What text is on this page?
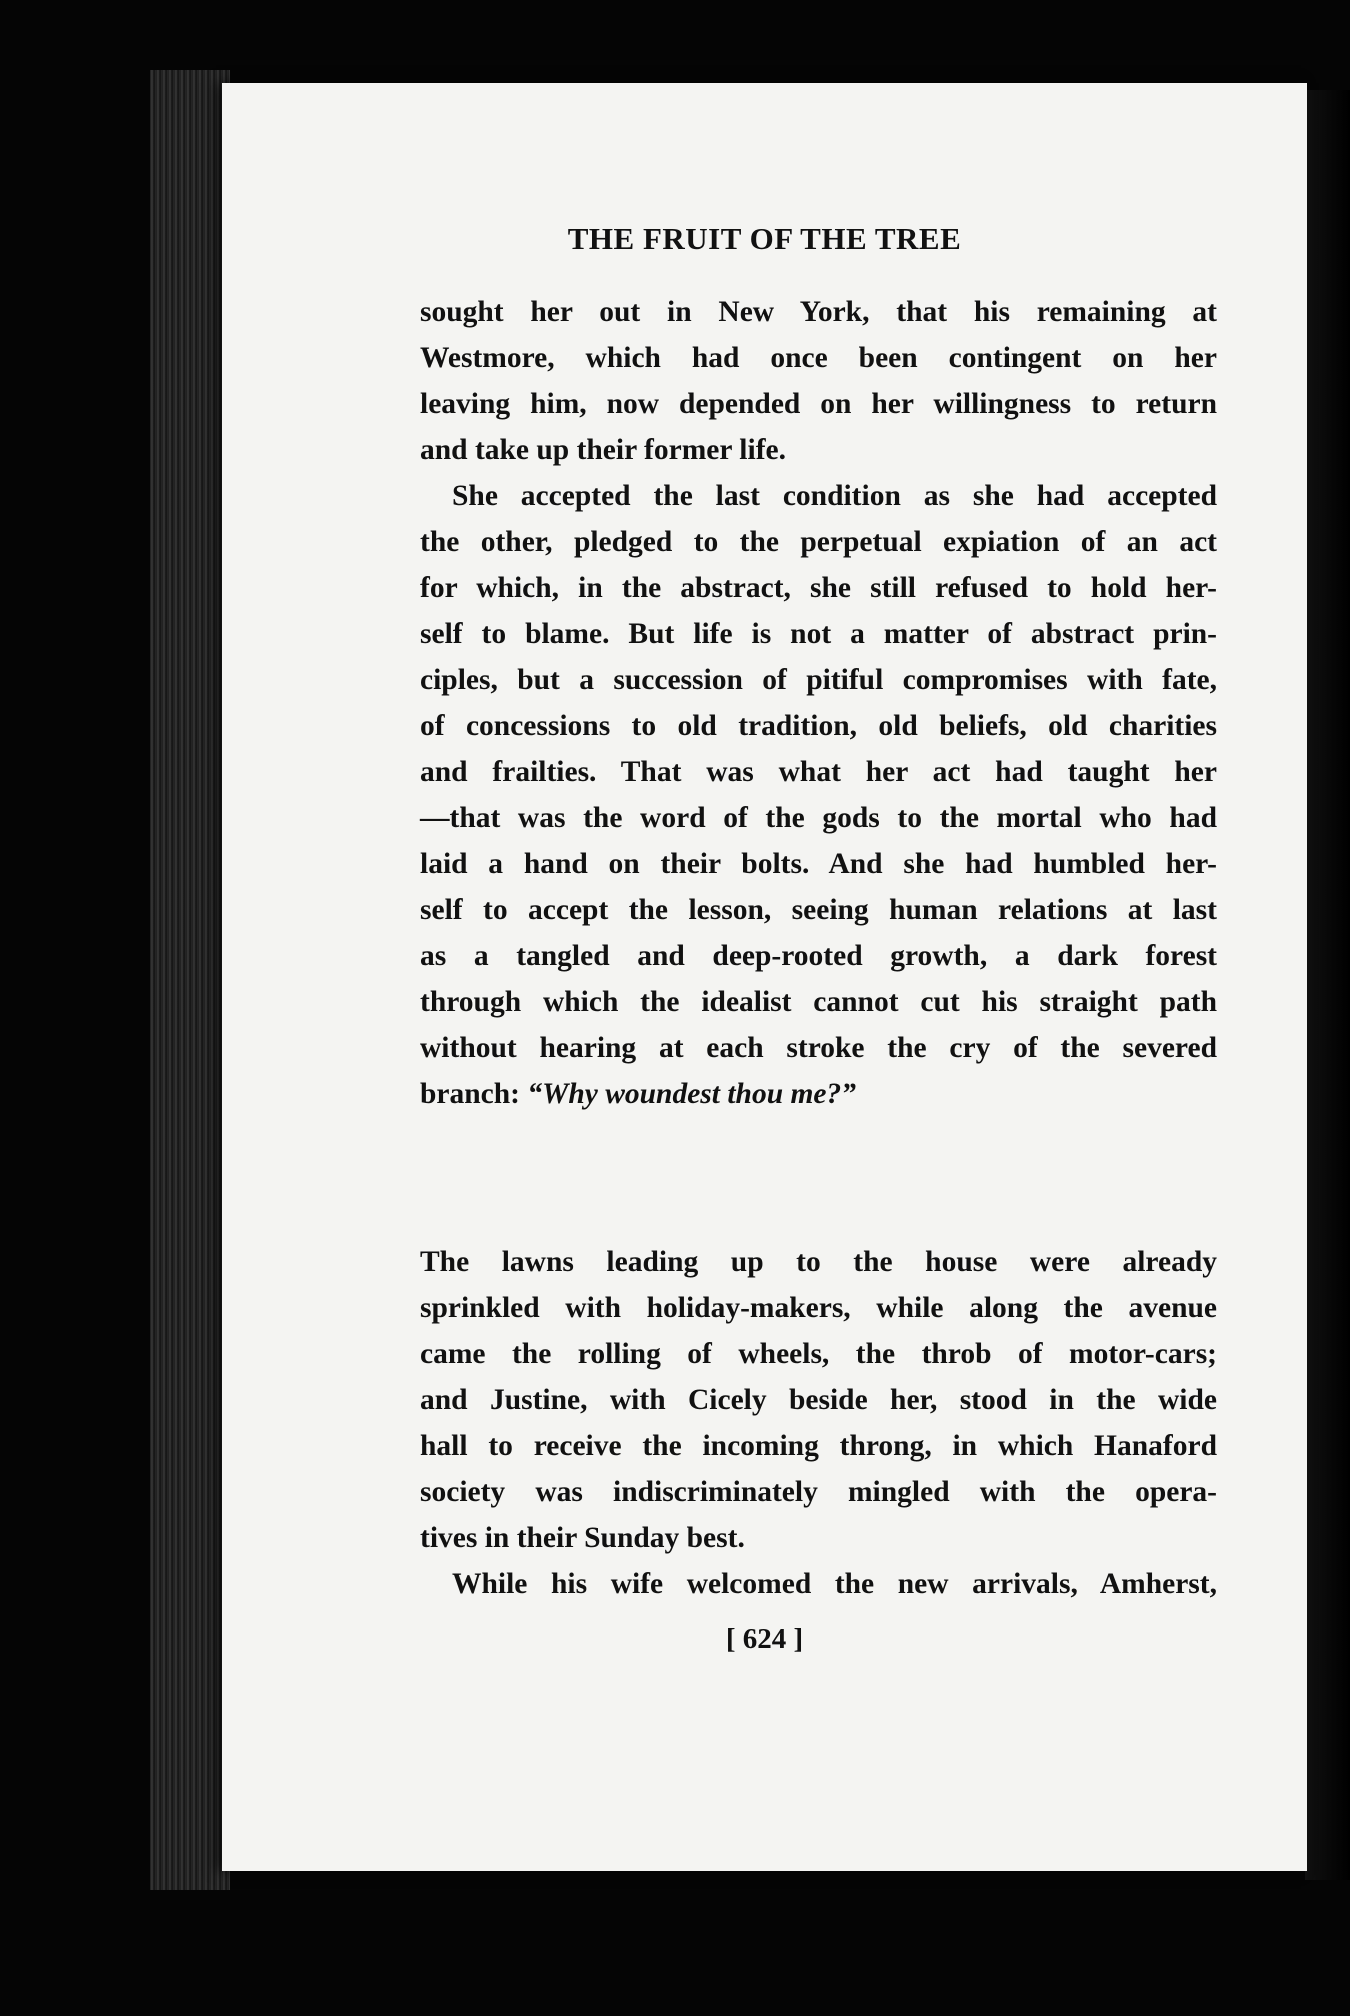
THE FRUIT OF THE TREE
sought her out in New York, that his remaining at
Westmore, which had once been contingent on her
leaving him, now depended on her willingness to return
and take up their former life.
She accepted the last condition as she had accepted
the other, pledged to the perpetual expiation of an act
for which, in the abstract, she still refused to hold her-
self to blame. But life is not a matter of abstract prin-
ciples, but a succession of pitiful compromises with fate,
of concessions to old tradition, old beliefs, old charities
and frailties. That was what her act had taught her
—that was the word of the gods to the mortal who had
laid a hand on their bolts. And she had humbled her-
self to accept the lesson, seeing human relations at last
as a tangled and deep-rooted growth, a dark forest
through which the idealist cannot cut his straight path
without hearing at each stroke the cry of the severed
branch: “Why woundest thou me?”
The lawns leading up to the house were already
sprinkled with holiday-makers, while along the avenue
came the rolling of wheels, the throb of motor-cars;
and Justine, with Cicely beside her, stood in the wide
hall to receive the incoming throng, in which Hanaford
society was indiscriminately mingled with the opera-
tives in their Sunday best.
While his wife welcomed the new arrivals, Amherst,
[ 624 ]
